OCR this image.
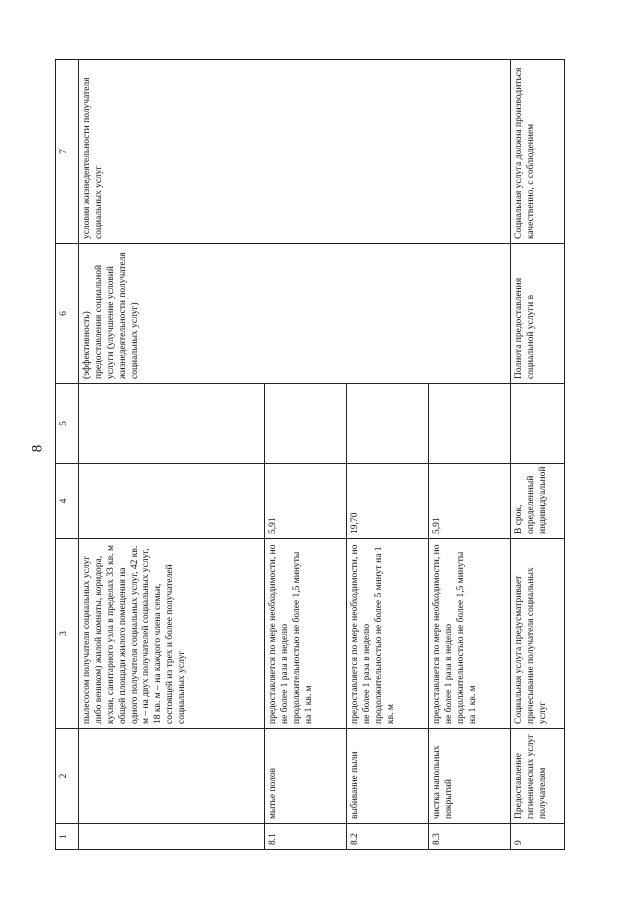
8
1	2	3	4	5	6	7
		пылесосом получателя социальных услуг либо веником) жилой комнаты, коридора, кухни, санитарного узла в пределах 33 кв. м общей площади жилого помещения на одного получателя социальных услуг, 42 кв. м – на двух получателей социальных услуг, 18 кв. м – на каждого члена семьи, состоящей из трех и более получателей социальных услуг			(эффективность) предоставления социальной услуги (улучшение условий жизнедеятельности получателя социальных услуг)	условия жизнедеятельности получателя социальных услуг
8.1	мытье полов	предоставляется по мере необходимости, но не более 1 раза в неделю продолжительностью не более 1,5 минуты на 1 кв. м	5,91			
8.2	выбивание пыли	предоставляется по мере необходимости, но не более 1 раза в неделю продолжительностью не более 5 минут на 1 кв. м	19,70			
8.3	чистка напольных покрытий	предоставляется по мере необходимости, но не более 1 раза в неделю продолжительностью не более 1,5 минуты на 1 кв. м	5,91			
9	Предоставление гигиенических услуг получателям	Социальная услуга предусматривает причесывание получателя социальных услуг	В срок, определенный индивидуальной		Полнота предоставления социальной услуги в	Социальная услуга должна производиться качественно, с соблюдением
